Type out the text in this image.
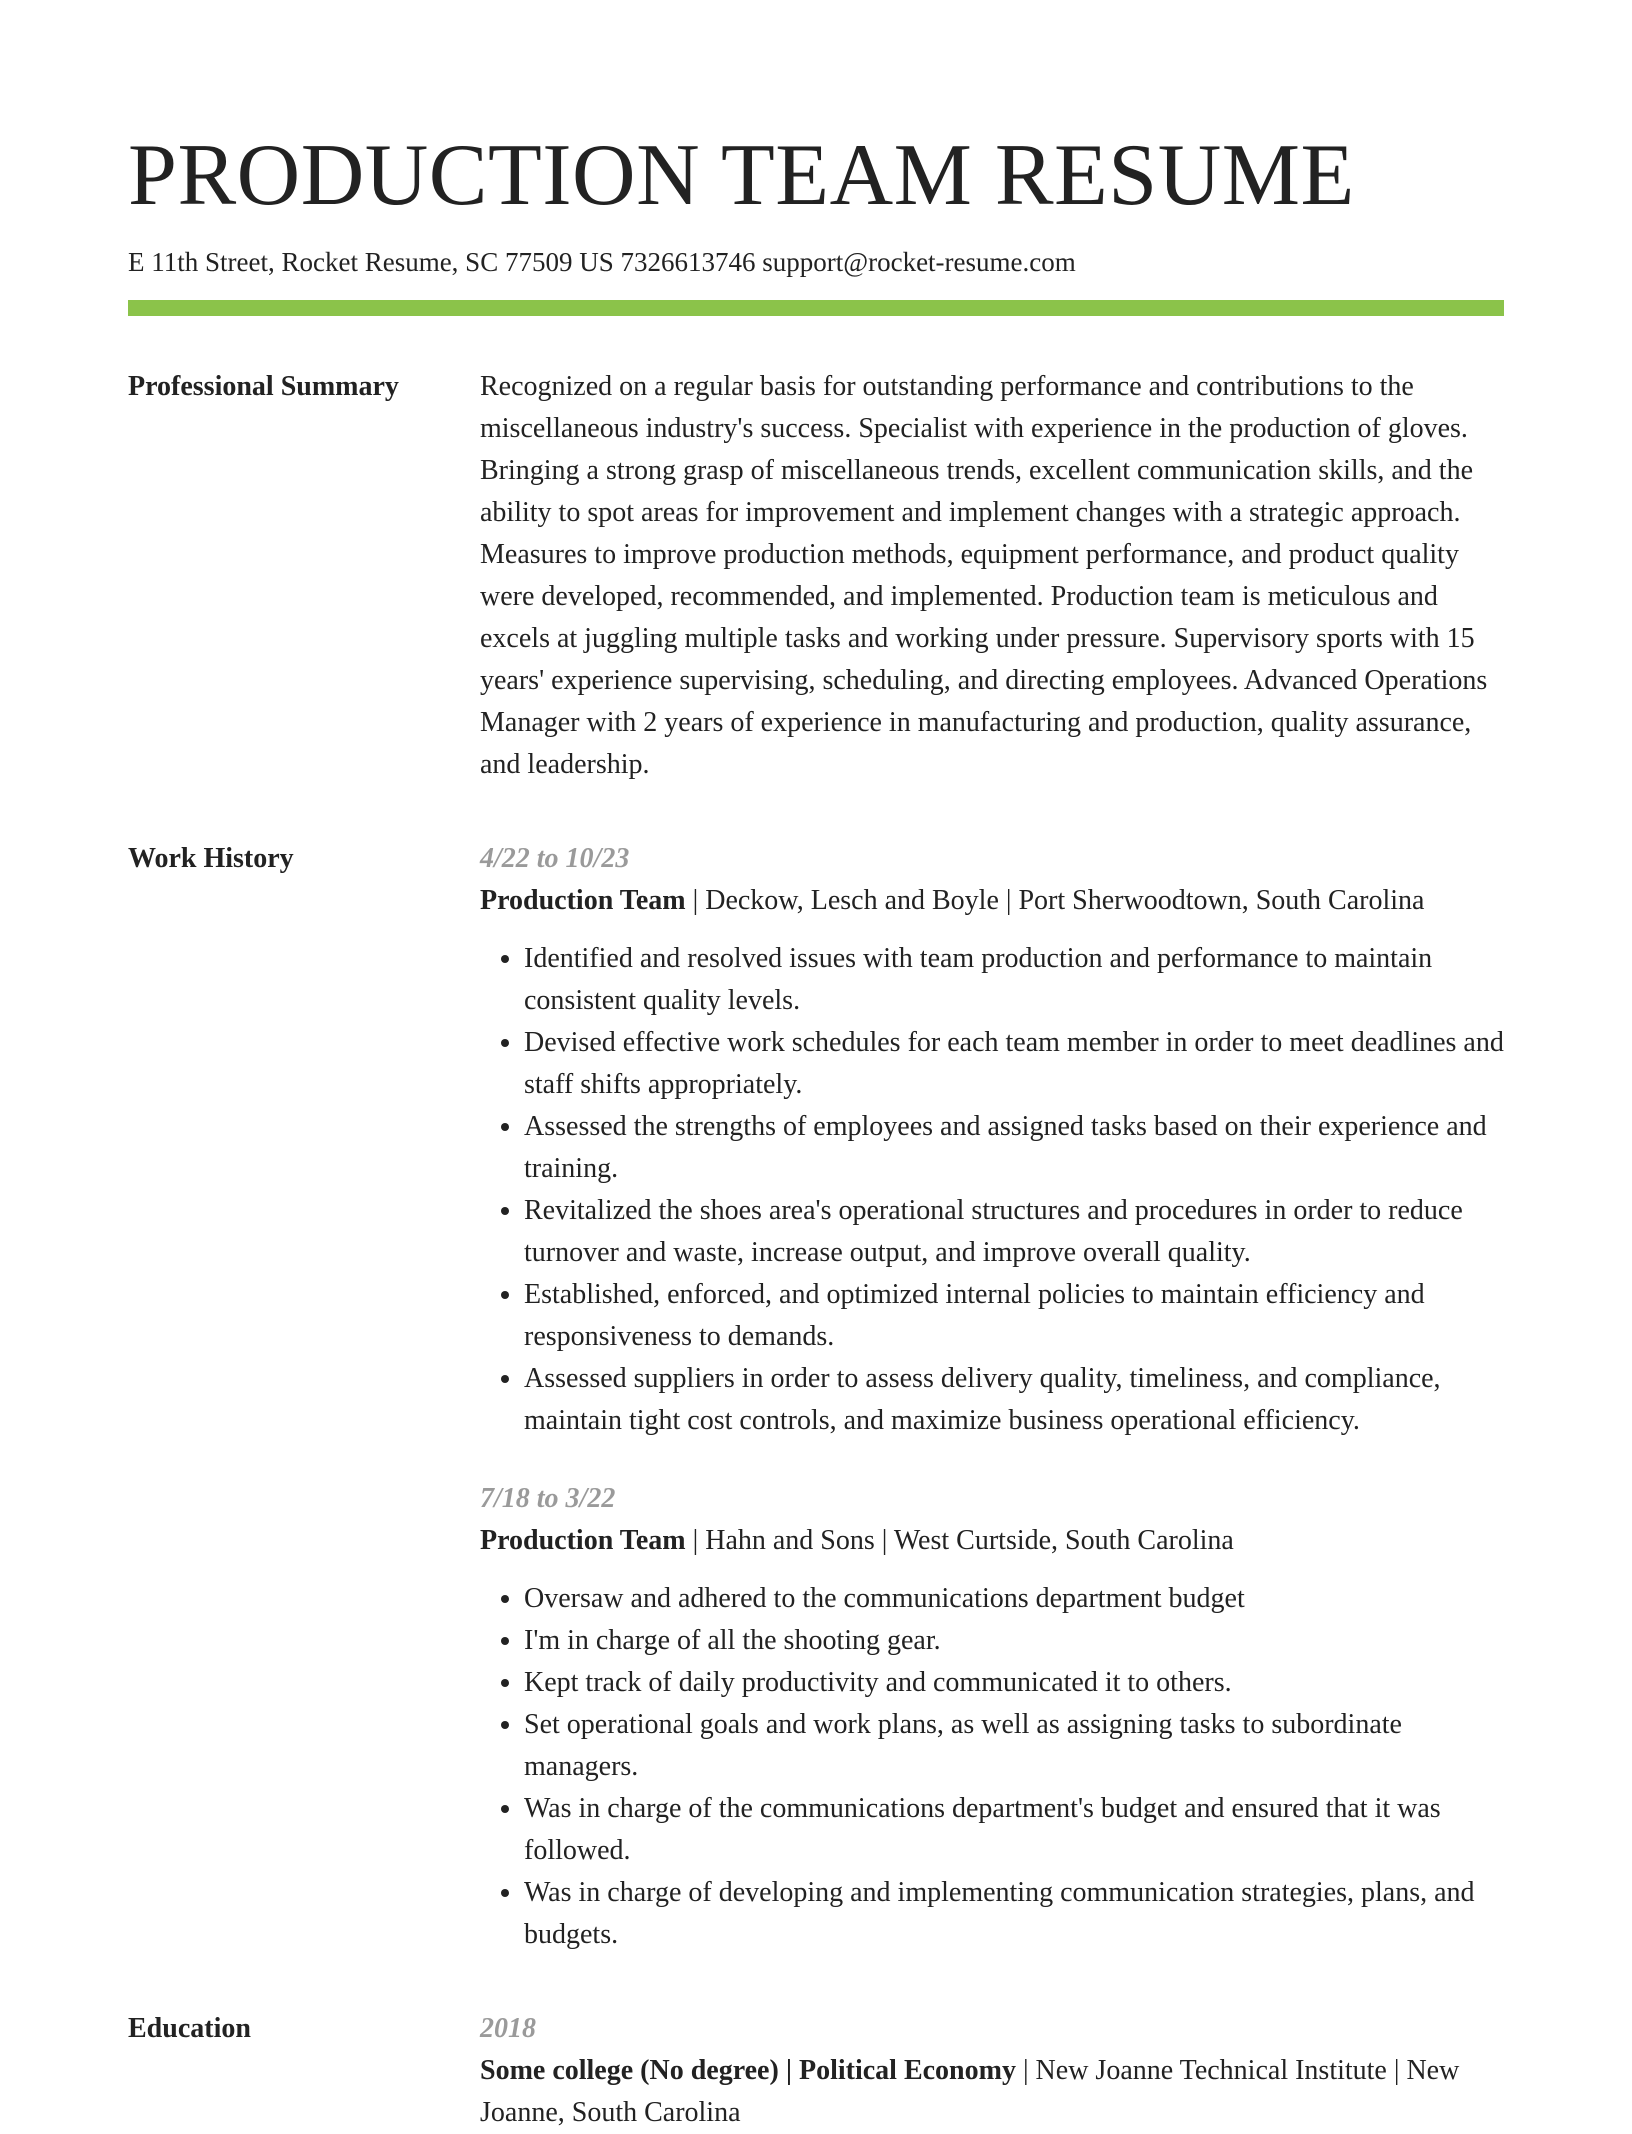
PRODUCTION TEAM RESUME
E 11th Street, Rocket Resume, SC 77509 US 7326613746 support@rocket-resume.com
Professional Summary	Recognized on a regular basis for outstanding performance and contributions to the miscellaneous industry's success. Specialist with experience in the production of gloves. Bringing a strong grasp of miscellaneous trends, excellent communication skills, and the ability to spot areas for improvement and implement changes with a strategic approach. Measures to improve production methods, equipment performance, and product quality were developed, recommended, and implemented. Production team is meticulous and excels at juggling multiple tasks and working under pressure. Supervisory sports with 15 years' experience supervising, scheduling, and directing employees. Advanced Operations Manager with 2 years of experience in manufacturing and production, quality assurance, and leadership.

Work History	4/22 to 10/23
Production Team | Deckow, Lesch and Boyle | Port Sherwoodtown, South Carolina
• Identified and resolved issues with team production and performance to maintain consistent quality levels.
• Devised effective work schedules for each team member in order to meet deadlines and staff shifts appropriately.
• Assessed the strengths of employees and assigned tasks based on their experience and training.
• Revitalized the shoes area's operational structures and procedures in order to reduce turnover and waste, increase output, and improve overall quality.
• Established, enforced, and optimized internal policies to maintain efficiency and responsiveness to demands.
• Assessed suppliers in order to assess delivery quality, timeliness, and compliance, maintain tight cost controls, and maximize business operational efficiency.
7/18 to 3/22
Production Team | Hahn and Sons | West Curtside, South Carolina
• Oversaw and adhered to the communications department budget
• I'm in charge of all the shooting gear.
• Kept track of daily productivity and communicated it to others.
• Set operational goals and work plans, as well as assigning tasks to subordinate managers.
• Was in charge of the communications department's budget and ensured that it was followed.
• Was in charge of developing and implementing communication strategies, plans, and budgets.
Education	2018
Some college (No degree) | Political Economy | New Joanne Technical Institute | New Joanne, South Carolina
